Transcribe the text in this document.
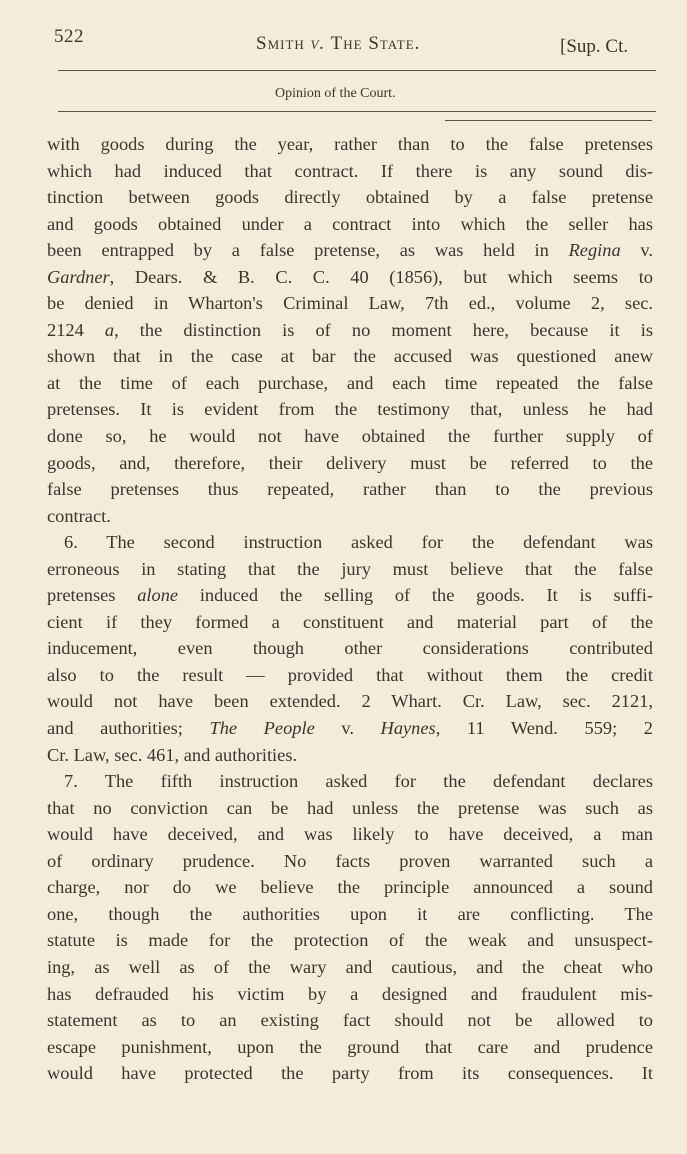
522	Smith v. The State.	[Sup. Ct.
Opinion of the Court.
with goods during the year, rather than to the false pretenses
which had induced that contract. If there is any sound dis-
tinction between goods directly obtained by a false pretense
and goods obtained under a contract into which the seller has
been entrapped by a false pretense, as was held in Regina v.
Gardner, Dears. & B. C. C. 40 (1856), but which seems to
be denied in Wharton's Criminal Law, 7th ed., volume 2, sec.
2124 a, the distinction is of no moment here, because it is
shown that in the case at bar the accused was questioned anew
at the time of each purchase, and each time repeated the false
pretenses. It is evident from the testimony that, unless he had
done so, he would not have obtained the further supply of
goods, and, therefore, their delivery must be referred to the
false pretenses thus repeated, rather than to the previous
contract.
6. The second instruction asked for the defendant was
erroneous in stating that the jury must believe that the false
pretenses alone induced the selling of the goods. It is suffi-
cient if they formed a constituent and material part of the
inducement, even though other considerations contributed
also to the result — provided that without them the credit
would not have been extended. 2 Whart. Cr. Law, sec. 2121,
and authorities; The People v. Haynes, 11 Wend. 559; 2
Cr. Law, sec. 461, and authorities.
7. The fifth instruction asked for the defendant declares
that no conviction can be had unless the pretense was such as
would have deceived, and was likely to have deceived, a man
of ordinary prudence. No facts proven warranted such a
charge, nor do we believe the principle announced a sound
one, though the authorities upon it are conflicting. The
statute is made for the protection of the weak and unsuspect-
ing, as well as of the wary and cautious, and the cheat who
has defrauded his victim by a designed and fraudulent mis-
statement as to an existing fact should not be allowed to
escape punishment, upon the ground that care and prudence
would have protected the party from its consequences. It
